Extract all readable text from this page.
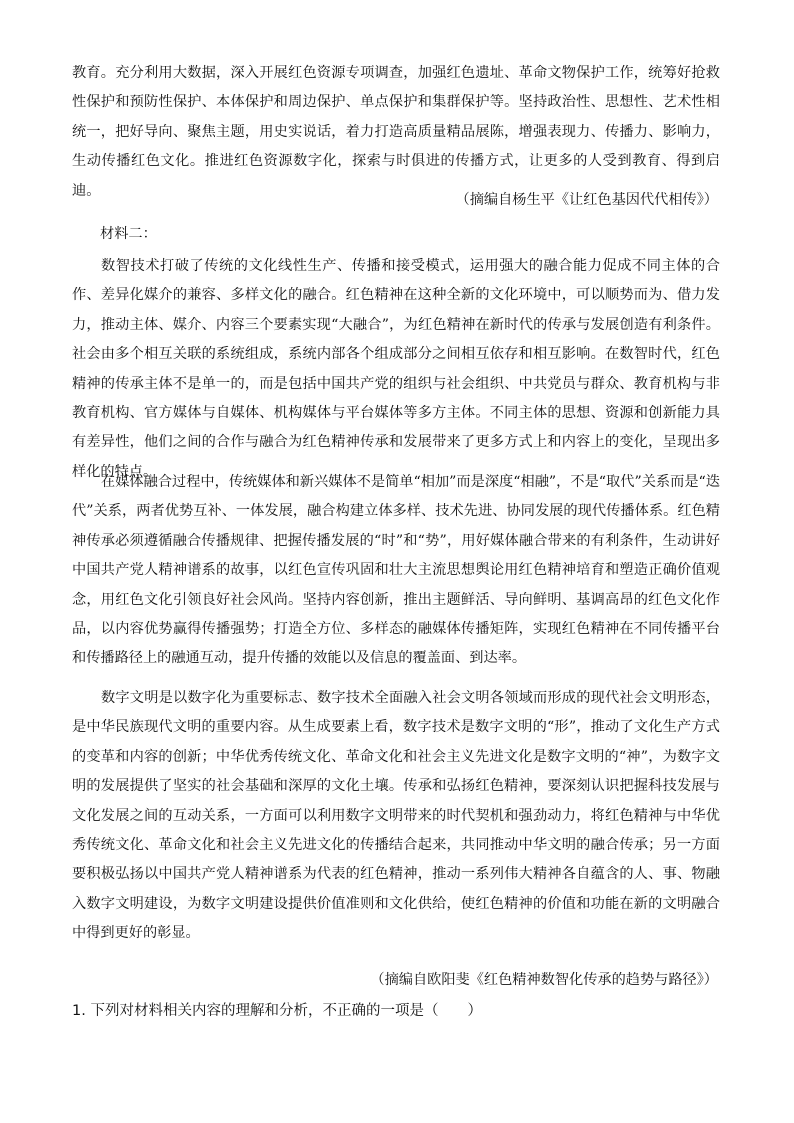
教育。充分利用大数据，深入开展红色资源专项调查，加强红色遗址、革命文物保护工作，统筹好抢救性保护和预防性保护、本体保护和周边保护、单点保护和集群保护等。坚持政治性、思想性、艺术性相统一，把好导向、聚焦主题，用史实说话，着力打造高质量精品展陈，增强表现力、传播力、影响力，生动传播红色文化。推进红色资源数字化，探索与时俱进的传播方式，让更多的人受到教育、得到启迪。

（摘编自杨生平《让红色基因代代相传》）

材料二：

数智技术打破了传统的文化线性生产、传播和接受模式，运用强大的融合能力促成不同主体的合作、差异化媒介的兼容、多样文化的融合。红色精神在这种全新的文化环境中，可以顺势而为、借力发力，推动主体、媒介、内容三个要素实现“大融合”，为红色精神在新时代的传承与发展创造有利条件。社会由多个相互关联的系统组成，系统内部各个组成部分之间相互依存和相互影响。在数智时代，红色精神的传承主体不是单一的，而是包括中国共产党的组织与社会组织、中共党员与群众、教育机构与非教育机构、官方媒体与自媒体、机构媒体与平台媒体等多方主体。不同主体的思想、资源和创新能力具有差异性，他们之间的合作与融合为红色精神传承和发展带来了更多方式上和内容上的变化，呈现出多样化的特点。

在媒体融合过程中，传统媒体和新兴媒体不是简单“相加”而是深度“相融”，不是“取代”关系而是“迭代”关系，两者优势互补、一体发展，融合构建立体多样、技术先进、协同发展的现代传播体系。红色精神传承必须遵循融合传播规律、把握传播发展的“时”和“势”，用好媒体融合带来的有利条件，生动讲好中国共产党人精神谱系的故事，以红色宣传巩固和壮大主流思想舆论用红色精神培育和塑造正确价值观念，用红色文化引领良好社会风尚。坚持内容创新，推出主题鲜活、导向鲜明、基调高昂的红色文化作品，以内容优势赢得传播强势；打造全方位、多样态的融媒体传播矩阵，实现红色精神在不同传播平台和传播路径上的融通互动，提升传播的效能以及信息的覆盖面、到达率。

数字文明是以数字化为重要标志、数字技术全面融入社会文明各领域而形成的现代社会文明形态，是中华民族现代文明的重要内容。从生成要素上看，数字技术是数字文明的“形”，推动了文化生产方式的变革和内容的创新；中华优秀传统文化、革命文化和社会主义先进文化是数字文明的“神”，为数字文明的发展提供了坚实的社会基础和深厚的文化土壤。传承和弘扬红色精神，要深刻认识把握科技发展与文化发展之间的互动关系，一方面可以利用数字文明带来的时代契机和强劲动力，将红色精神与中华优秀传统文化、革命文化和社会主义先进文化的传播结合起来，共同推动中华文明的融合传承；另一方面要积极弘扬以中国共产党人精神谱系为代表的红色精神，推动一系列伟大精神各自蕴含的人、事、物融入数字文明建设，为数字文明建设提供价值准则和文化供给，使红色精神的价值和功能在新的文明融合中得到更好的彰显。

（摘编自欧阳斐《红色精神数智化传承的趋势与路径》）

1. 下列对材料相关内容的理解和分析，不正确的一项是（　　）
